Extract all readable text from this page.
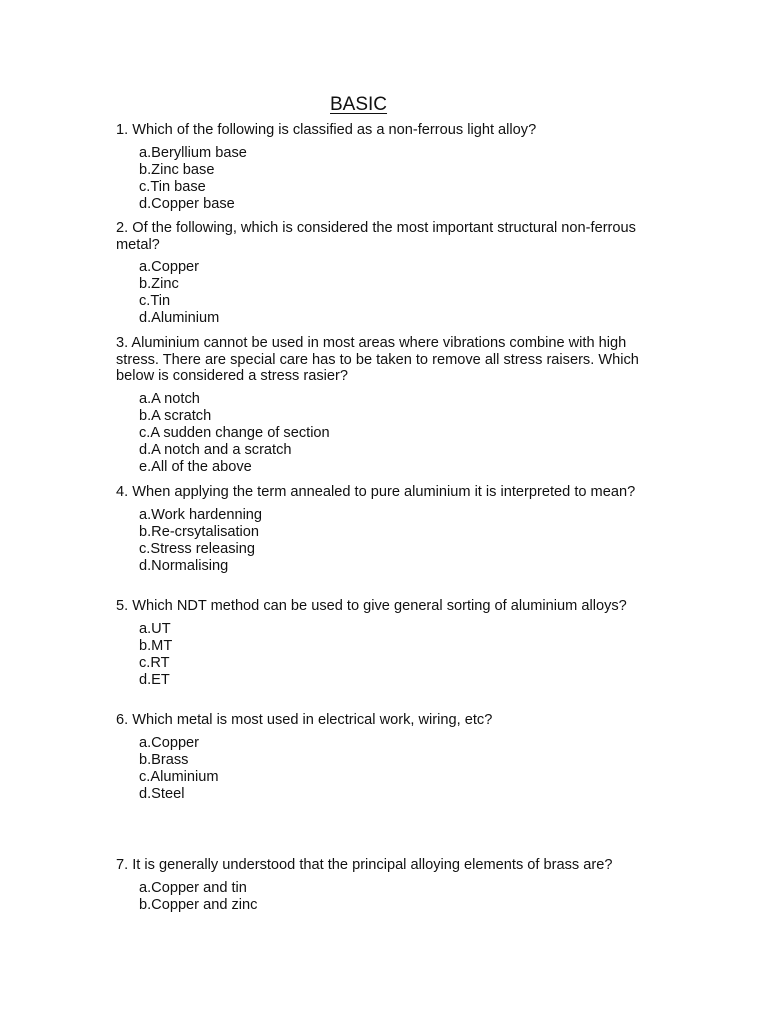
BASIC

1. Which of the following is classified as a non-ferrous light alloy?

a.Beryllium base
b.Zinc base
c.Tin base
d.Copper base

2. Of the following, which is considered the most important structural non-ferrous metal?

a.Copper
b.Zinc
c.Tin
d.Aluminium

3. Aluminium cannot be used in most areas where vibrations combine with high stress. There are special care has to be taken to remove all stress raisers. Which below is considered a stress rasier?

a.A notch
b.A scratch
c.A sudden change of section
d.A notch and a scratch
e.All of the above

4. When applying the term annealed to pure aluminium it is interpreted to mean?

a.Work hardenning
b.Re-crsytalisation
c.Stress releasing
d.Normalising

5. Which NDT method can be used to give general sorting of aluminium alloys?

a.UT
b.MT
c.RT
d.ET

6. Which metal is most used in electrical work, wiring, etc?

a.Copper
b.Brass
c.Aluminium
d.Steel

7. It is generally understood that the principal alloying elements of brass are?

a.Copper and tin
b.Copper and zinc
